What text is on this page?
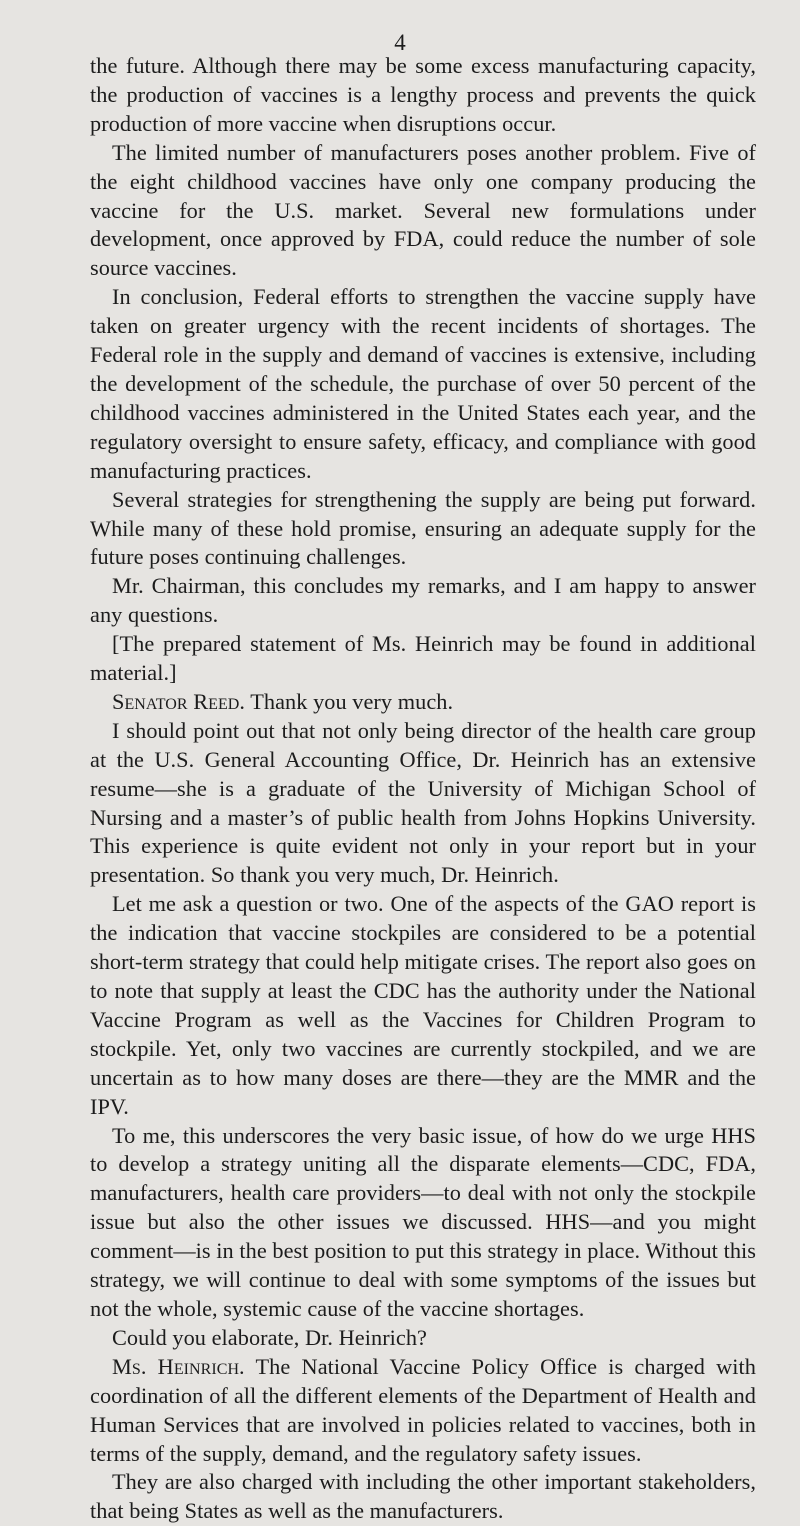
4

the future. Although there may be some excess manufacturing capacity, the production of vaccines is a lengthy process and prevents the quick production of more vaccine when disruptions occur.

The limited number of manufacturers poses another problem. Five of the eight childhood vaccines have only one company producing the vaccine for the U.S. market. Several new formulations under development, once approved by FDA, could reduce the number of sole source vaccines.

In conclusion, Federal efforts to strengthen the vaccine supply have taken on greater urgency with the recent incidents of shortages. The Federal role in the supply and demand of vaccines is extensive, including the development of the schedule, the purchase of over 50 percent of the childhood vaccines administered in the United States each year, and the regulatory oversight to ensure safety, efficacy, and compliance with good manufacturing practices.

Several strategies for strengthening the supply are being put forward. While many of these hold promise, ensuring an adequate supply for the future poses continuing challenges.

Mr. Chairman, this concludes my remarks, and I am happy to answer any questions.

[The prepared statement of Ms. Heinrich may be found in additional material.]

Senator Reed. Thank you very much.

I should point out that not only being director of the health care group at the U.S. General Accounting Office, Dr. Heinrich has an extensive resume—she is a graduate of the University of Michigan School of Nursing and a master’s of public health from Johns Hopkins University. This experience is quite evident not only in your report but in your presentation. So thank you very much, Dr. Heinrich.

Let me ask a question or two. One of the aspects of the GAO report is the indication that vaccine stockpiles are considered to be a potential short-term strategy that could help mitigate crises. The report also goes on to note that supply at least the CDC has the authority under the National Vaccine Program as well as the Vaccines for Children Program to stockpile. Yet, only two vaccines are currently stockpiled, and we are uncertain as to how many doses are there—they are the MMR and the IPV.

To me, this underscores the very basic issue, of how do we urge HHS to develop a strategy uniting all the disparate elements—CDC, FDA, manufacturers, health care providers—to deal with not only the stockpile issue but also the other issues we discussed. HHS—and you might comment—is in the best position to put this strategy in place. Without this strategy, we will continue to deal with some symptoms of the issues but not the whole, systemic cause of the vaccine shortages.

Could you elaborate, Dr. Heinrich?

Ms. Heinrich. The National Vaccine Policy Office is charged with coordination of all the different elements of the Department of Health and Human Services that are involved in policies related to vaccines, both in terms of the supply, demand, and the regulatory safety issues.

They are also charged with including the other important stakeholders, that being States as well as the manufacturers.
